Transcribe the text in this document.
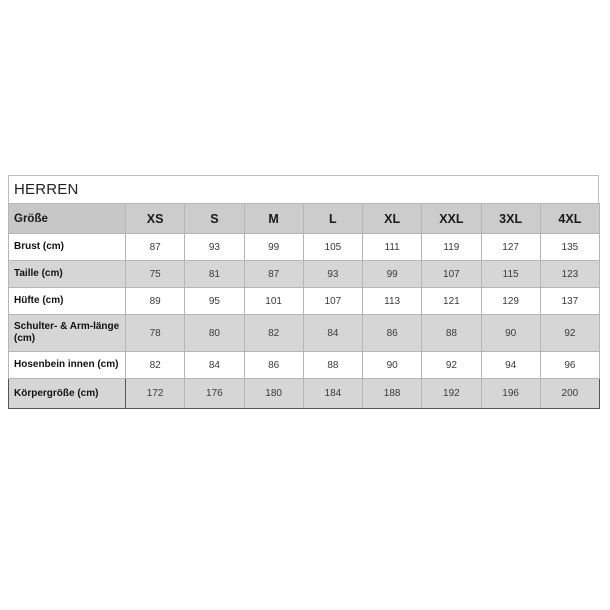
HERREN
Größe	XS	S	M	L	XL	XXL	3XL	4XL
Brust (cm)	87	93	99	105	111	119	127	135
Taille (cm)	75	81	87	93	99	107	115	123
Hüfte (cm)	89	95	101	107	113	121	129	137
Schulter- & Arm-länge (cm)	78	80	82	84	86	88	90	92
Hosenbein innen (cm)	82	84	86	88	90	92	94	96
Körpergröße (cm)	172	176	180	184	188	192	196	200
